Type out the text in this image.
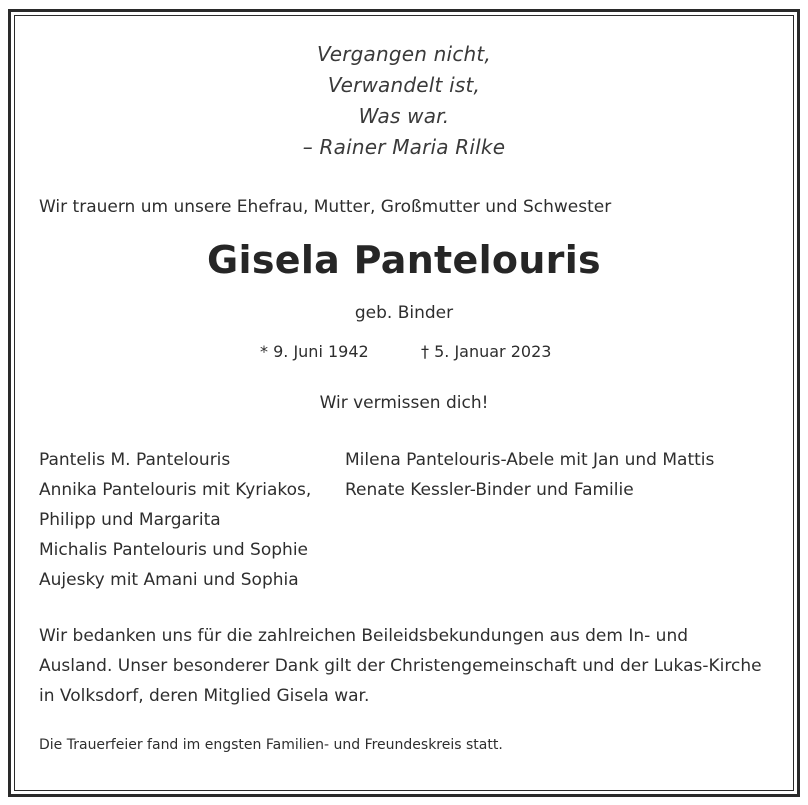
Vergangen nicht,
Verwandelt ist,
Was war.
– Rainer Maria Rilke
Wir trauern um unsere Ehefrau, Mutter, Großmutter und Schwester
Gisela Pantelouris
geb. Binder
* 9. Juni 1942	† 5. Januar 2023
Wir vermissen dich!
Pantelis M. Pantelouris
Annika Pantelouris mit Kyriakos,
Philipp und Margarita
Michalis Pantelouris und Sophie
Aujesky mit Amani und Sophia
Milena Pantelouris-Abele mit Jan und Mattis
Renate Kessler-Binder und Familie
Wir bedanken uns für die zahlreichen Beileidsbekundungen aus dem In- und
Ausland. Unser besonderer Dank gilt der Christengemeinschaft und der Lukas-Kirche
in Volksdorf, deren Mitglied Gisela war.
Die Trauerfeier fand im engsten Familien- und Freundeskreis statt.
